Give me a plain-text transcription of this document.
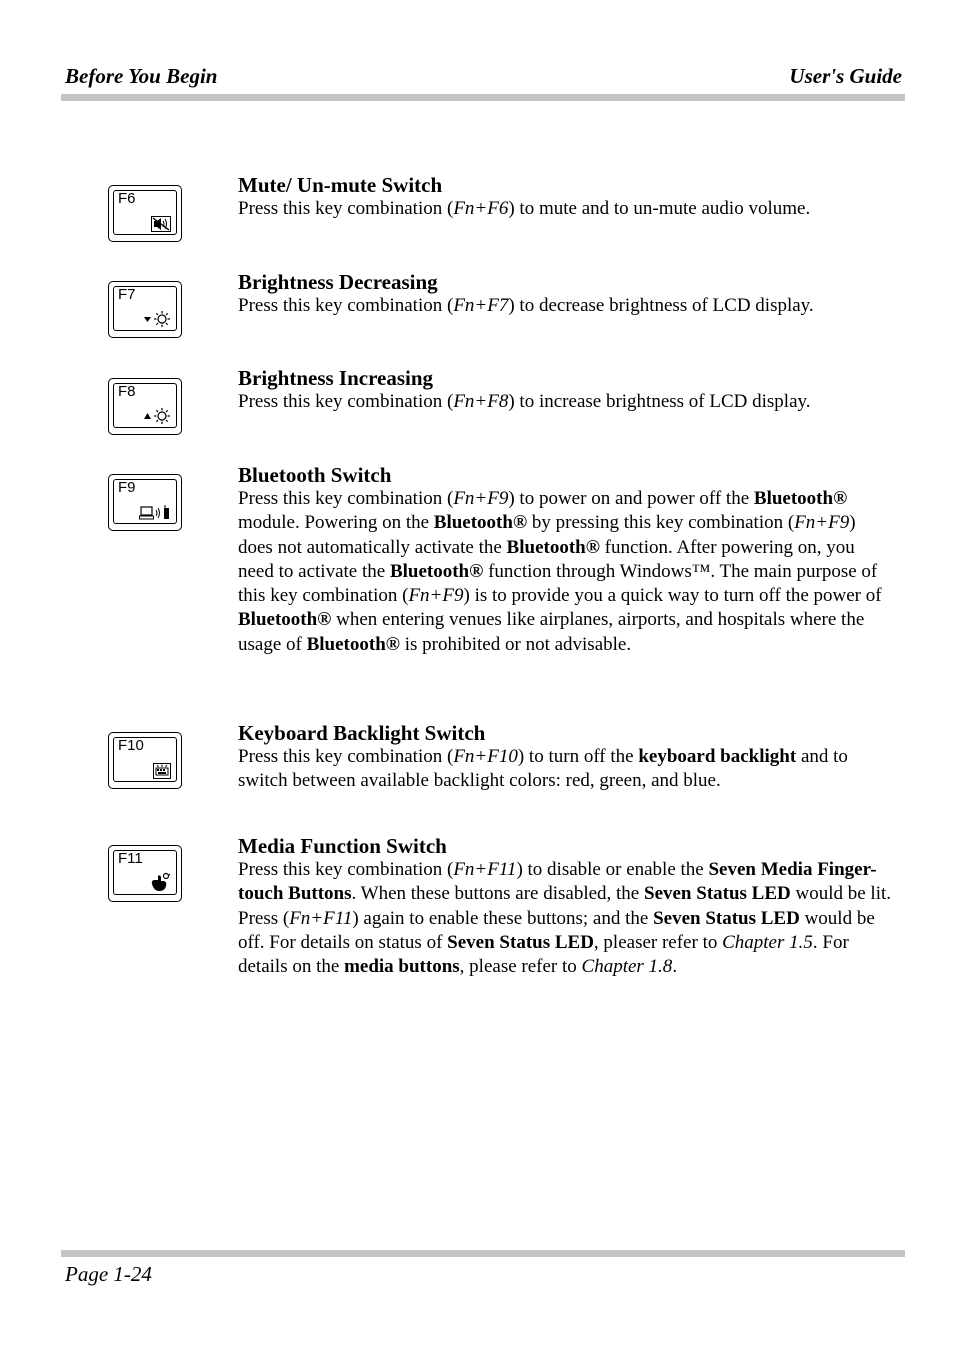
Before You Begin	User's Guide
F6
Mute/ Un-mute Switch
Press this key combination (Fn+F6) to mute and to un-mute audio volume.
F7
Brightness Decreasing
Press this key combination (Fn+F7) to decrease brightness of LCD display.
F8
Brightness Increasing
Press this key combination (Fn+F8) to increase brightness of LCD display.
F9
Bluetooth Switch
Press this key combination (Fn+F9) to power on and power off the Bluetooth® module. Powering on the Bluetooth® by pressing this key combination (Fn+F9) does not automatically activate the Bluetooth® function. After powering on, you need to activate the Bluetooth® function through Windows™. The main purpose of this key combination (Fn+F9) is to provide you a quick way to turn off the power of Bluetooth® when entering venues like airplanes, airports, and hospitals where the usage of Bluetooth® is prohibited or not advisable.
F10
Keyboard Backlight Switch
Press this key combination (Fn+F10) to turn off the keyboard backlight and to switch between available backlight colors: red, green, and blue.
F11
Media Function Switch
Press this key combination (Fn+F11) to disable or enable the Seven Media Finger-touch Buttons. When these buttons are disabled, the Seven Status LED would be lit. Press (Fn+F11) again to enable these buttons; and the Seven Status LED would be off. For details on status of Seven Status LED, pleaser refer to Chapter 1.5. For details on the media buttons, please refer to Chapter 1.8.
Page 1-24
